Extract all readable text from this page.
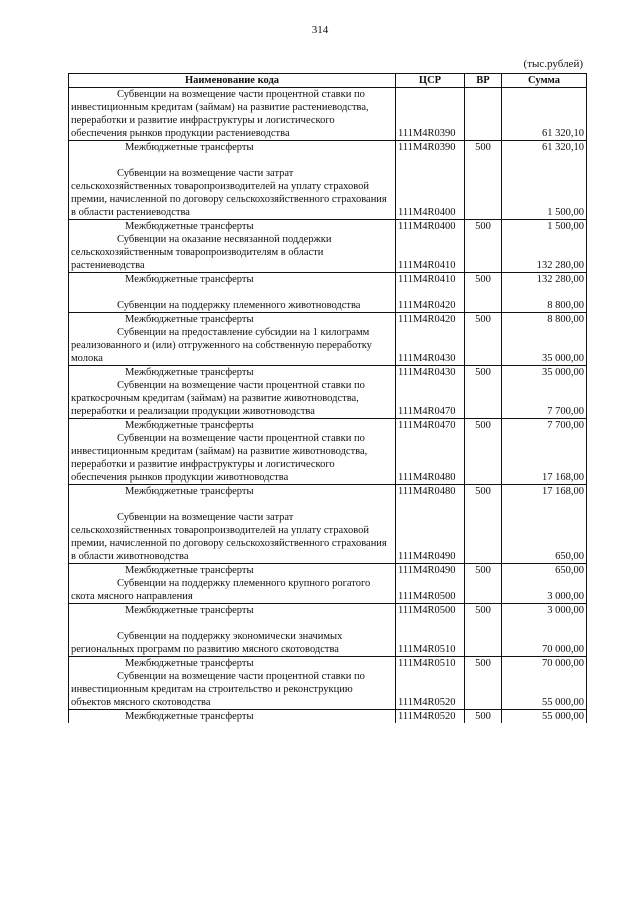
314
(тыс.рублей)
Наименование кода	ЦСР	ВР	Сумма
Субвенции на возмещение части процентной ставки по инвестиционным кредитам (займам) на развитие растениеводства, переработки и развитие инфраструктуры и логистического обеспечения рынков продукции растениеводства	111M4R0390		61 320,10
Межбюджетные трансферты	111M4R0390	500	61 320,10

Субвенции на возмещение части затрат сельскохозяйственных товаропроизводителей на уплату страховой премии, начисленной по договору сельскохозяйственного страхования в области растениеводства	111M4R0400		1 500,00
Межбюджетные трансферты	111M4R0400	500	1 500,00
Субвенции на оказание несвязанной поддержки сельскохозяйственным товаропроизводителям в области растениеводства	111M4R0410		132 280,00
Межбюджетные трансферты	111M4R0410	500	132 280,00

Субвенции на поддержку племенного животноводства	111M4R0420		8 800,00
Межбюджетные трансферты	111M4R0420	500	8 800,00
Субвенции на предоставление субсидии на 1 килограмм реализованного и (или) отгруженного на собственную переработку молока	111M4R0430		35 000,00
Межбюджетные трансферты	111M4R0430	500	35 000,00
Субвенции на возмещение части процентной ставки по краткосрочным кредитам (займам) на развитие животноводства, переработки и реализации продукции животноводства	111M4R0470		7 700,00
Межбюджетные трансферты	111M4R0470	500	7 700,00
Субвенции на возмещение части процентной ставки по инвестиционным кредитам (займам) на развитие животноводства, переработки и развитие инфраструктуры и логистического обеспечения рынков продукции животноводства	111M4R0480		17 168,00
Межбюджетные трансферты	111M4R0480	500	17 168,00

Субвенции на возмещение части затрат сельскохозяйственных товаропроизводителей на уплату страховой премии, начисленной по договору сельскохозяйственного страхования в области животноводства	111M4R0490		650,00
Межбюджетные трансферты	111M4R0490	500	650,00
Субвенции на поддержку племенного крупного рогатого скота мясного направления	111M4R0500		3 000,00
Межбюджетные трансферты	111M4R0500	500	3 000,00

Субвенции на поддержку экономически значимых региональных программ по развитию мясного скотоводства	111M4R0510		70 000,00
Межбюджетные трансферты	111M4R0510	500	70 000,00
Субвенции на возмещение части процентной ставки по инвестиционным кредитам на строительство и реконструкцию объектов мясного скотоводства	111M4R0520		55 000,00
Межбюджетные трансферты	111M4R0520	500	55 000,00
